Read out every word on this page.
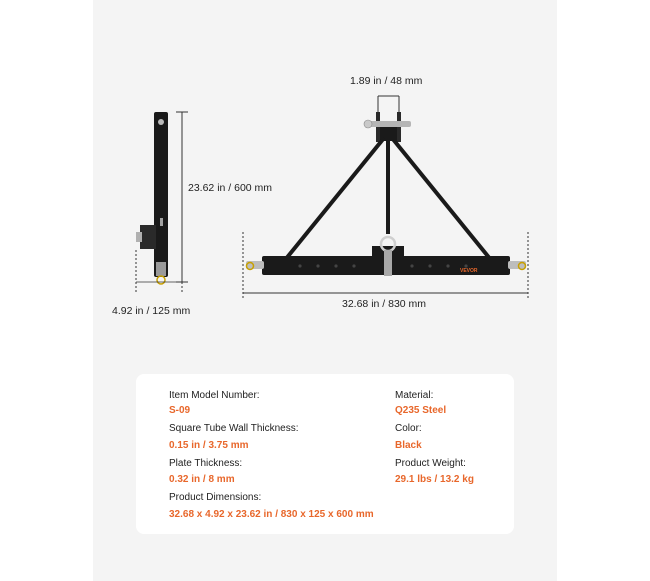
VEVOR
1.89 in / 48 mm
23.62 in / 600 mm
4.92 in / 125 mm
32.68 in / 830 mm
Item Model Number:
S-09
Square Tube Wall Thickness:
0.15 in / 3.75 mm
Plate Thickness:
0.32 in / 8 mm
Product Dimensions:
32.68 x 4.92 x 23.62 in / 830 x 125 x 600 mm
Material:
Q235 Steel
Color:
Black
Product Weight:
29.1 lbs / 13.2 kg
